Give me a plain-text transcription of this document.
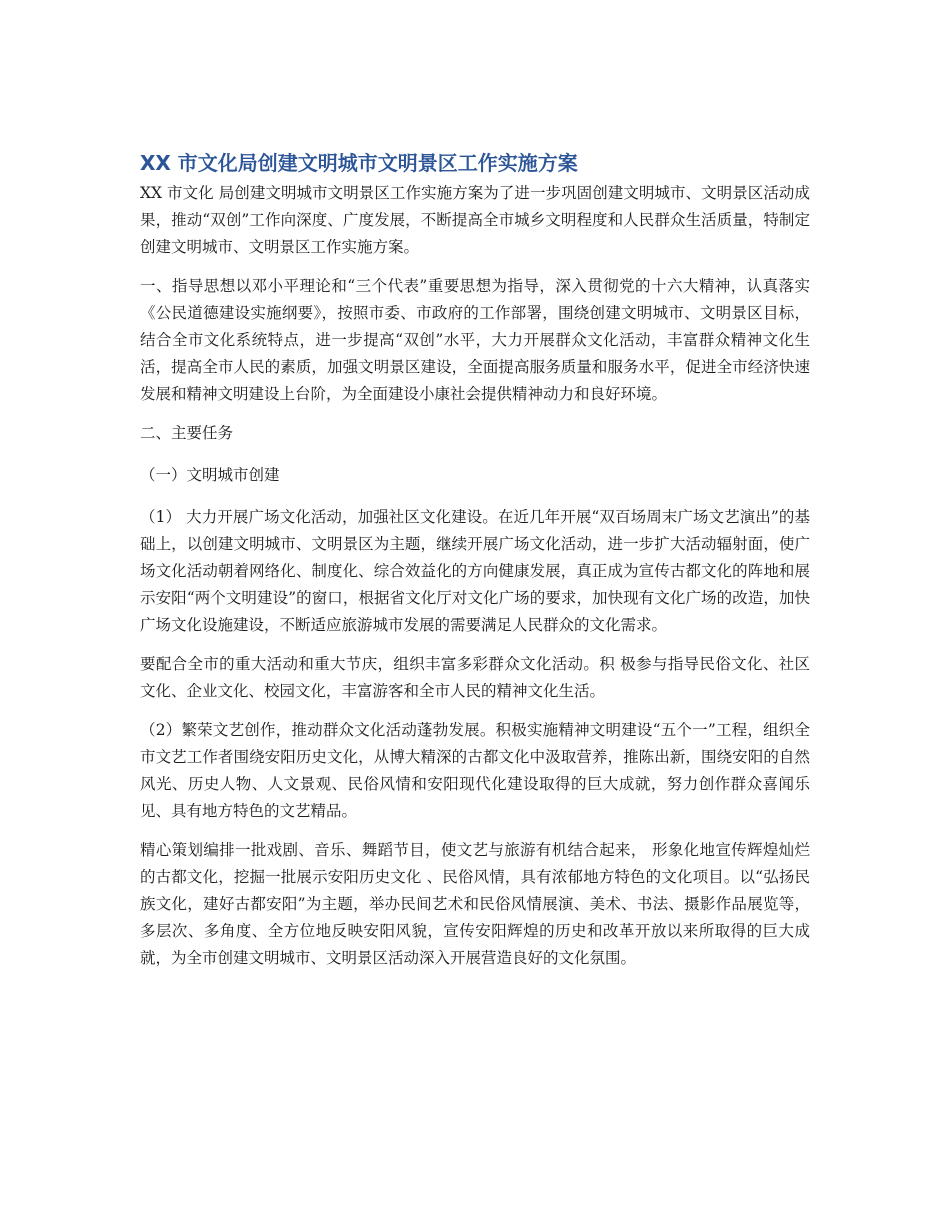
XX 市文化局创建文明城市文明景区工作实施方案

XX 市文化 局创建文明城市文明景区工作实施方案为了进一步巩固创建文明城市、文明景区活动成果，推动“双创”工作向深度、广度发展，不断提高全市城乡文明程度和人民群众生活质量，特制定创建文明城市、文明景区工作实施方案。

一、指导思想以邓小平理论和“三个代表”重要思想为指导，深入贯彻党的十六大精神，认真落实《公民道德建设实施纲要》，按照市委、市政府的工作部署，围绕创建文明城市、文明景区目标，结合全市文化系统特点，进一步提高“双创”水平，大力开展群众文化活动，丰富群众精神文化生活，提高全市人民的素质，加强文明景区建设，全面提高服务质量和服务水平，促进全市经济快速发展和精神文明建设上台阶，为全面建设小康社会提供精神动力和良好环境。

二、主要任务

（一）文明城市创建

（1） 大力开展广场文化活动，加强社区文化建设。在近几年开展“双百场周末广场文艺演出”的基础上，以创建文明城市、文明景区为主题，继续开展广场文化活动，进一步扩大活动辐射面，使广场文化活动朝着网络化、制度化、综合效益化的方向健康发展，真正成为宣传古都文化的阵地和展示安阳“两个文明建设”的窗口，根据省文化厅对文化广场的要求，加快现有文化广场的改造，加快广场文化设施建设，不断适应旅游城市发展的需要满足人民群众的文化需求。

要配合全市的重大活动和重大节庆，组织丰富多彩群众文化活动。积 极参与指导民俗文化、社区文化、企业文化、校园文化，丰富游客和全市人民的精神文化生活。

（2）繁荣文艺创作，推动群众文化活动蓬勃发展。积极实施精神文明建设“五个一”工程，组织全市文艺工作者围绕安阳历史文化，从博大精深的古都文化中汲取营养，推陈出新，围绕安阳的自然风光、历史人物、人文景观、民俗风情和安阳现代化建设取得的巨大成就，努力创作群众喜闻乐见、具有地方特色的文艺精品。

精心策划编排一批戏剧、音乐、舞蹈节目，使文艺与旅游有机结合起来， 形象化地宣传辉煌灿烂的古都文化，挖掘一批展示安阳历史文化 、民俗风情，具有浓郁地方特色的文化项目。以“弘扬民族文化，建好古都安阳”为主题，举办民间艺术和民俗风情展演、美术、书法、摄影作品展览等，多层次、多角度、全方位地反映安阳风貌，宣传安阳辉煌的历史和改革开放以来所取得的巨大成就，为全市创建文明城市、文明景区活动深入开展营造良好的文化氛围。
